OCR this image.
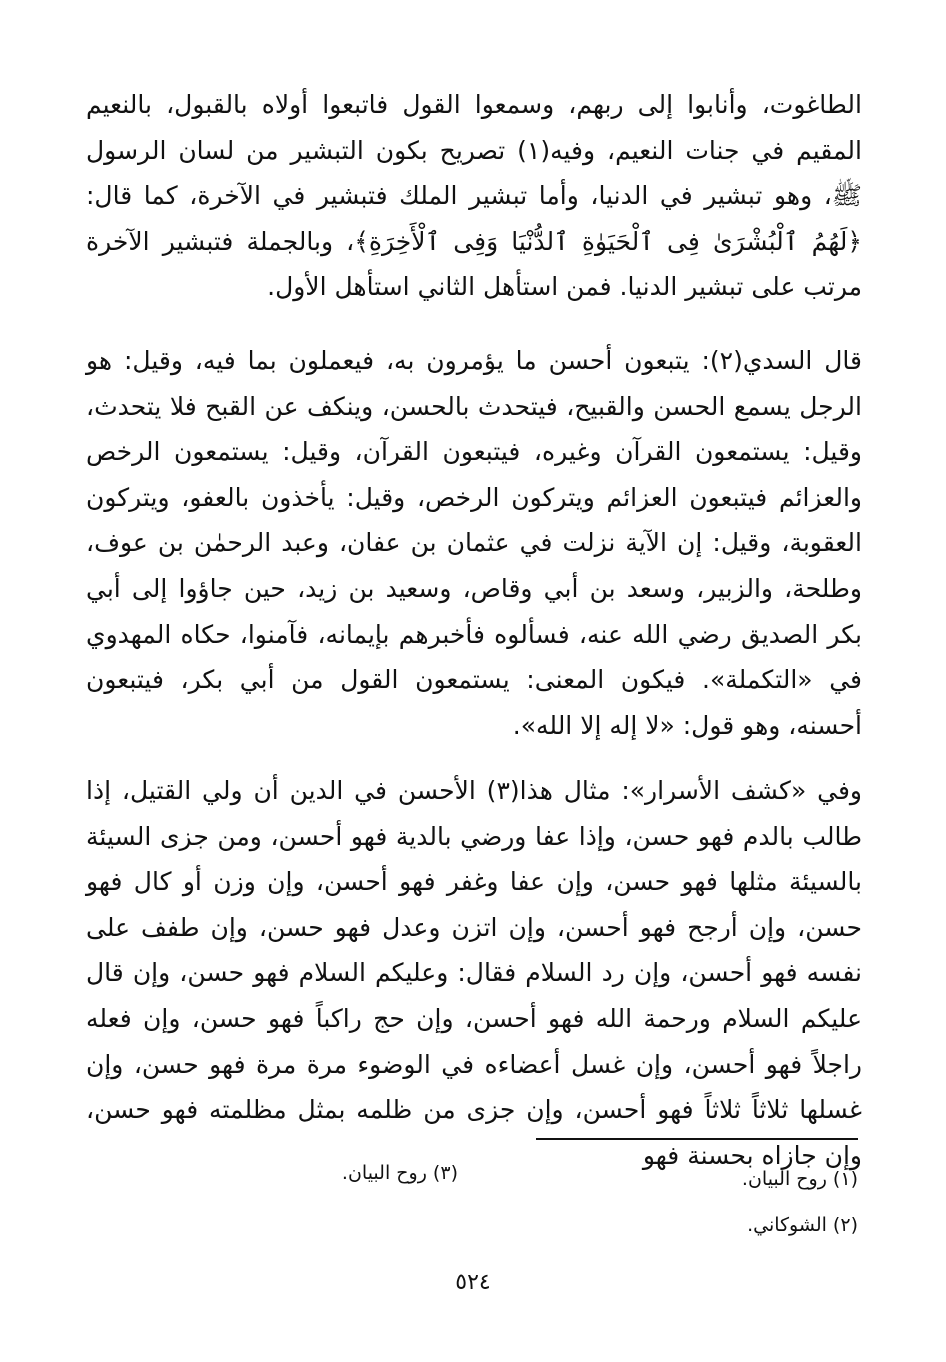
الطاغوت، وأنابوا إلى ربهم، وسمعوا القول فاتبعوا أولاه بالقبول، بالنعيم المقيم في جنات النعيم، وفيه(١) تصريح بكون التبشير من لسان الرسول ﷺ، وهو تبشير في الدنيا، وأما تبشير الملك فتبشير في الآخرة، كما قال: ﴿لَهُمُ ٱلْبُشْرَىٰ فِى ٱلْحَيَوٰةِ ٱلدُّنْيَا وَفِى ٱلْأَخِرَةِ﴾، وبالجملة فتبشير الآخرة مرتب على تبشير الدنيا. فمن استأهل الثاني استأهل الأول.

قال السدي(٢): يتبعون أحسن ما يؤمرون به، فيعملون بما فيه، وقيل: هو الرجل يسمع الحسن والقبيح، فيتحدث بالحسن، وينكف عن القبح فلا يتحدث، وقيل: يستمعون القرآن وغيره، فيتبعون القرآن، وقيل: يستمعون الرخص والعزائم فيتبعون العزائم ويتركون الرخص، وقيل: يأخذون بالعفو، ويتركون العقوبة، وقيل: إن الآية نزلت في عثمان بن عفان، وعبد الرحمٰن بن عوف، وطلحة، والزبير، وسعد بن أبي وقاص، وسعيد بن زيد، حين جاؤوا إلى أبي بكر الصديق رضي الله عنه، فسألوه فأخبرهم بإيمانه، فآمنوا، حكاه المهدوي في «التكملة». فيكون المعنى: يستمعون القول من أبي بكر، فيتبعون أحسنه، وهو قول: «لا إله إلا الله».

وفي «كشف الأسرار»: مثال هذا(٣) الأحسن في الدين أن ولي القتيل، إذا طالب بالدم فهو حسن، وإذا عفا ورضي بالدية فهو أحسن، ومن جزى السيئة بالسيئة مثلها فهو حسن، وإن عفا وغفر فهو أحسن، وإن وزن أو كال فهو حسن، وإن أرجح فهو أحسن، وإن اتزن وعدل فهو حسن، وإن طفف على نفسه فهو أحسن، وإن رد السلام فقال: وعليكم السلام فهو حسن، وإن قال عليكم السلام ورحمة الله فهو أحسن، وإن حج راكباً فهو حسن، وإن فعله راجلاً فهو أحسن، وإن غسل أعضاءه في الوضوء مرة مرة فهو حسن، وإن غسلها ثلاثاً ثلاثاً فهو أحسن، وإن جزى من ظلمه بمثل مظلمته فهو حسن، وإن جازاه بحسنة فهو

(١) روح البيان.

(٢) الشوكاني.

(٣) روح البيان.

٥٢٤
